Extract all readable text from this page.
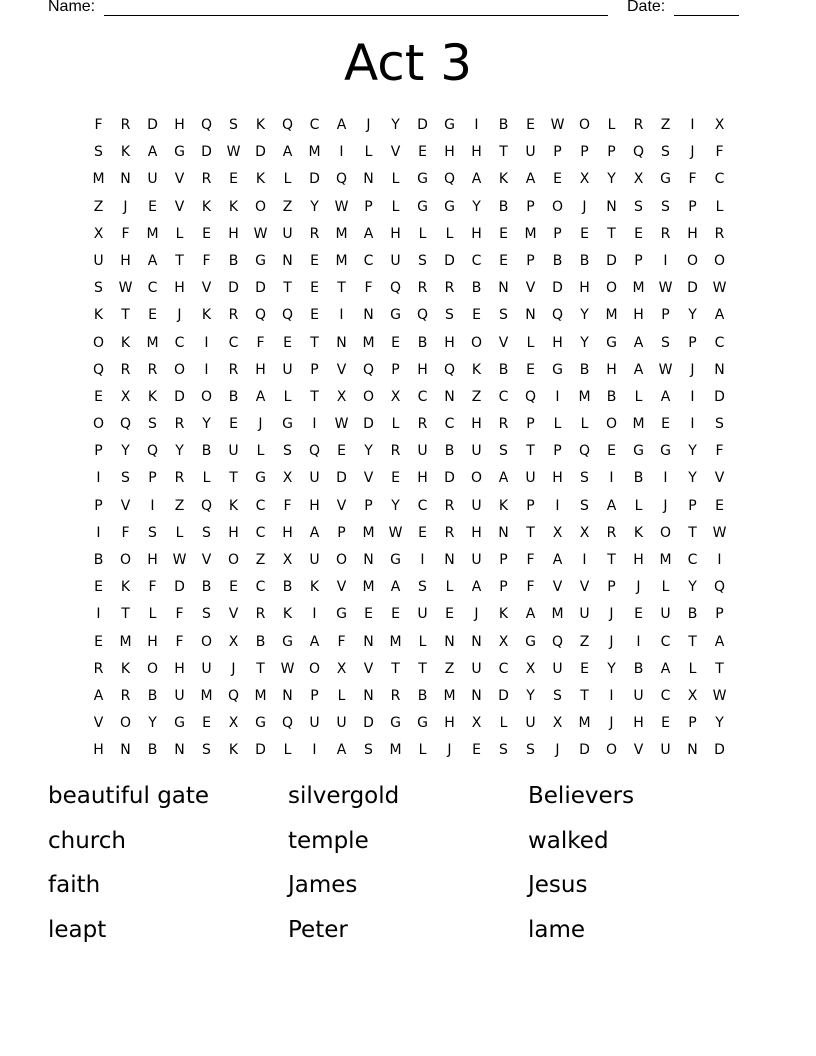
Name:	Date:
Act 3
F	R	D	H	Q	S	K	Q	C	A	J	Y	D	G	I	B	E	W	O	L	R	Z	I	X
S	K	A	G	D	W	D	A	M	I	L	V	E	H	H	T	U	P	P	P	Q	S	J	F
M	N	U	V	R	E	K	L	D	Q	N	L	G	Q	A	K	A	E	X	Y	X	G	F	C
Z	J	E	V	K	K	O	Z	Y	W	P	L	G	G	Y	B	P	O	J	N	S	S	P	L
X	F	M	L	E	H	W	U	R	M	A	H	L	L	H	E	M	P	E	T	E	R	H	R
U	H	A	T	F	B	G	N	E	M	C	U	S	D	C	E	P	B	B	D	P	I	O	O
S	W	C	H	V	D	D	T	E	T	F	Q	R	R	B	N	V	D	H	O	M	W	D	W
K	T	E	J	K	R	Q	Q	E	I	N	G	Q	S	E	S	N	Q	Y	M	H	P	Y	A
O	K	M	C	I	C	F	E	T	N	M	E	B	H	O	V	L	H	Y	G	A	S	P	C
Q	R	R	O	I	R	H	U	P	V	Q	P	H	Q	K	B	E	G	B	H	A	W	J	N
E	X	K	D	O	B	A	L	T	X	O	X	C	N	Z	C	Q	I	M	B	L	A	I	D
O	Q	S	R	Y	E	J	G	I	W	D	L	R	C	H	R	P	L	L	O	M	E	I	S
P	Y	Q	Y	B	U	L	S	Q	E	Y	R	U	B	U	S	T	P	Q	E	G	G	Y	F
I	S	P	R	L	T	G	X	U	D	V	E	H	D	O	A	U	H	S	I	B	I	Y	V
P	V	I	Z	Q	K	C	F	H	V	P	Y	C	R	U	K	P	I	S	A	L	J	P	E
I	F	S	L	S	H	C	H	A	P	M	W	E	R	H	N	T	X	X	R	K	O	T	W
B	O	H	W	V	O	Z	X	U	O	N	G	I	N	U	P	F	A	I	T	H	M	C	I
E	K	F	D	B	E	C	B	K	V	M	A	S	L	A	P	F	V	V	P	J	L	Y	Q
I	T	L	F	S	V	R	K	I	G	E	E	U	E	J	K	A	M	U	J	E	U	B	P
E	M	H	F	O	X	B	G	A	F	N	M	L	N	N	X	G	Q	Z	J	I	C	T	A
R	K	O	H	U	J	T	W	O	X	V	T	T	Z	U	C	X	U	E	Y	B	A	L	T
A	R	B	U	M	Q	M	N	P	L	N	R	B	M	N	D	Y	S	T	I	U	C	X	W
V	O	Y	G	E	X	G	Q	U	U	D	G	G	H	X	L	U	X	M	J	H	E	P	Y
H	N	B	N	S	K	D	L	I	A	S	M	L	J	E	S	S	J	D	O	V	U	N	D
beautiful gate	silvergold	Believers
church	temple	walked
faith	James	Jesus
leapt	Peter	lame
